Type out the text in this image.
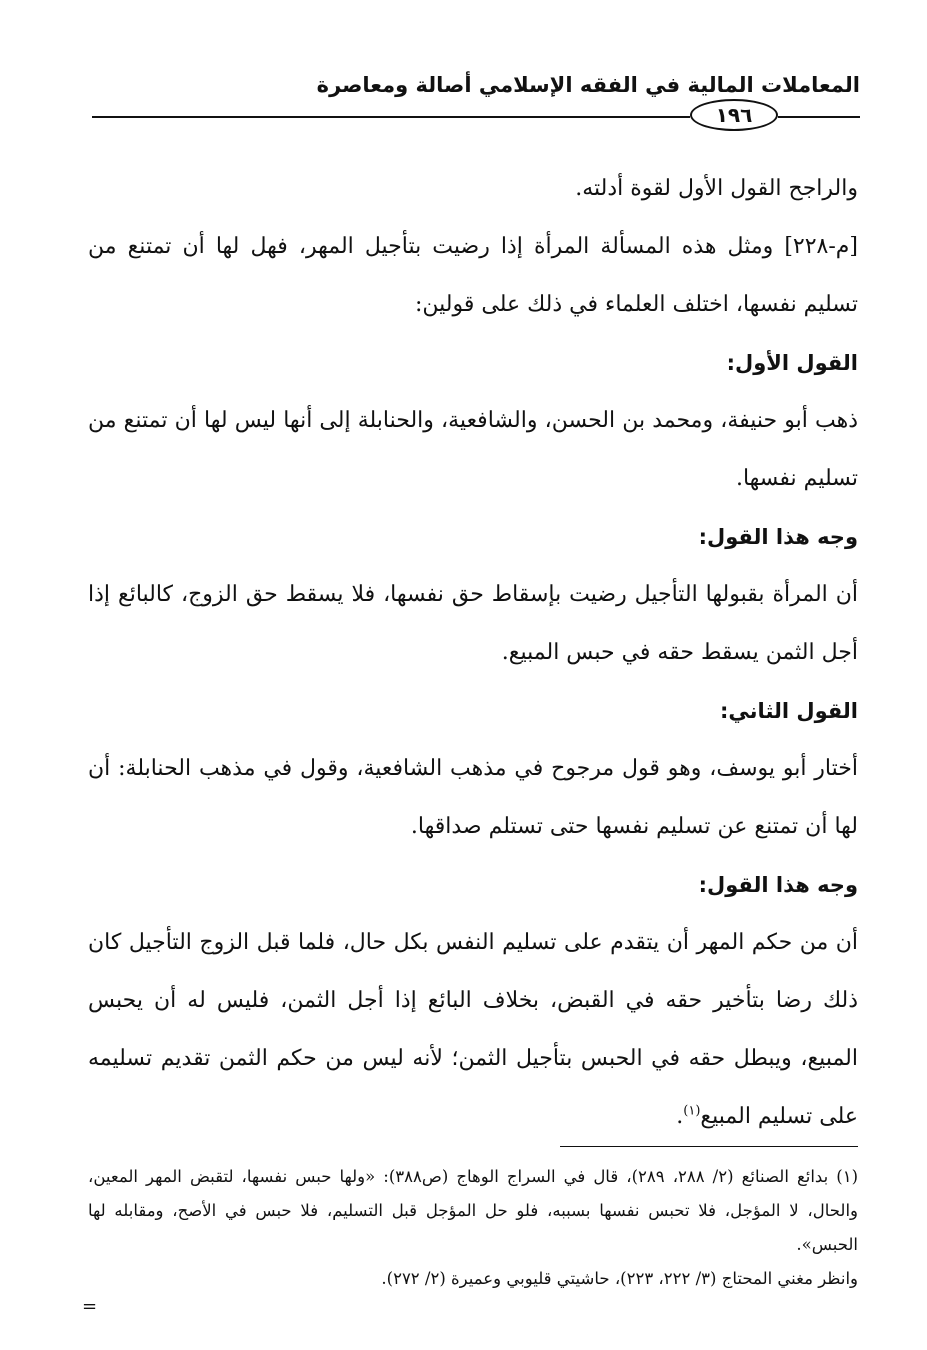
المعاملات المالية في الفقه الإسلامي أصالة ومعاصرة
١٩٦

والراجح القول الأول لقوة أدلته.

[م-٢٢٨] ومثل هذه المسألة المرأة إذا رضيت بتأجيل المهر، فهل لها أن تمتنع من تسليم نفسها، اختلف العلماء في ذلك على قولين:

القول الأول:

ذهب أبو حنيفة، ومحمد بن الحسن، والشافعية، والحنابلة إلى أنها ليس لها أن تمتنع من تسليم نفسها.

وجه هذا القول:

أن المرأة بقبولها التأجيل رضيت بإسقاط حق نفسها، فلا يسقط حق الزوج، كالبائع إذا أجل الثمن يسقط حقه في حبس المبيع.

القول الثاني:

أختار أبو يوسف، وهو قول مرجوح في مذهب الشافعية، وقول في مذهب الحنابلة: أن لها أن تمتنع عن تسليم نفسها حتى تستلم صداقها.

وجه هذا القول:

أن من حكم المهر أن يتقدم على تسليم النفس بكل حال، فلما قبل الزوج التأجيل كان ذلك رضا بتأخير حقه في القبض، بخلاف البائع إذا أجل الثمن، فليس له أن يحبس المبيع، ويبطل حقه في الحبس بتأجيل الثمن؛ لأنه ليس من حكم الثمن تقديم تسليمه على تسليم المبيع$^{(١)}$.

(١) بدائع الصنائع (٢/ ٢٨٨، ٢٨٩)، قال في السراج الوهاج (ص٣٨٨): «ولها حبس نفسها، لتقبض المهر المعين، والحال، لا المؤجل، فلا تحبس نفسها بسببه، فلو حل المؤجل قبل التسليم، فلا حبس في الأصح، ومقابله لها الحبس».

وانظر مغني المحتاج (٣/ ٢٢٢، ٢٢٣)، حاشيتي قليوبي وعميرة (٢/ ٢٧٢).

=
